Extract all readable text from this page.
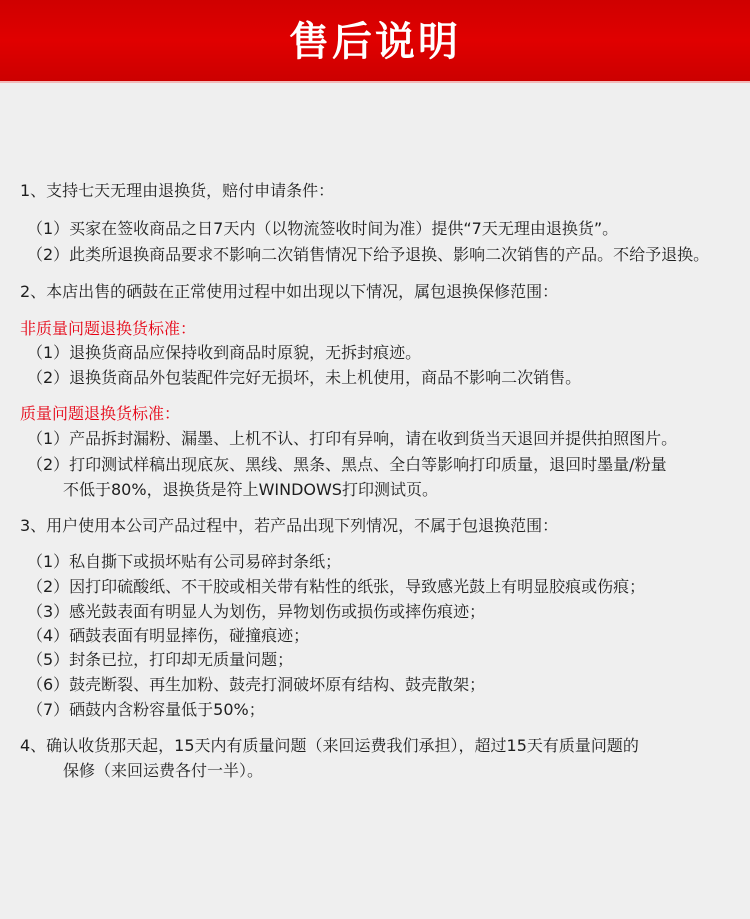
售后说明
1、支持七天无理由退换货，赔付申请条件：
（1）买家在签收商品之日7天内（以物流签收时间为准）提供“7天无理由退换货”。
（2）此类所退换商品要求不影响二次销售情况下给予退换、影响二次销售的产品。不给予退换。
2、本店出售的硒鼓在正常使用过程中如出现以下情况，属包退换保修范围：
非质量问题退换货标准：
（1）退换货商品应保持收到商品时原貌，无拆封痕迹。
（2）退换货商品外包装配件完好无损坏，未上机使用，商品不影响二次销售。
质量问题退换货标准：
（1）产品拆封漏粉、漏墨、上机不认、打印有异响，请在收到货当天退回并提供拍照图片。
（2）打印测试样稿出现底灰、黑线、黑条、黑点、全白等影响打印质量，退回时墨量/粉量
不低于80%，退换货是符上WINDOWS打印测试页。
3、用户使用本公司产品过程中，若产品出现下列情况，不属于包退换范围：
（1）私自撕下或损坏贴有公司易碎封条纸；
（2）因打印硫酸纸、不干胶或相关带有粘性的纸张，导致感光鼓上有明显胶痕或伤痕；
（3）感光鼓表面有明显人为划伤，异物划伤或损伤或摔伤痕迹；
（4）硒鼓表面有明显摔伤，碰撞痕迹；
（5）封条已拉，打印却无质量问题；
（6）鼓壳断裂、再生加粉、鼓壳打洞破坏原有结构、鼓壳散架；
（7）硒鼓内含粉容量低于50%；
4、确认收货那天起，15天内有质量问题（来回运费我们承担），超过15天有质量问题的
保修（来回运费各付一半）。
